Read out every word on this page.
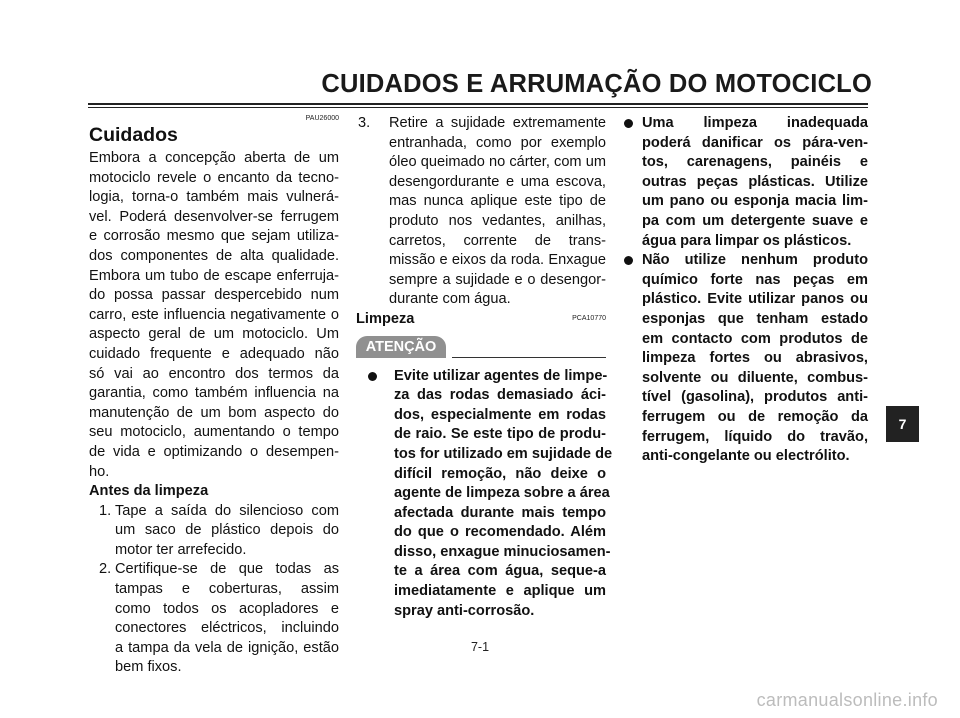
CUIDADOS E ARRUMAÇÃO DO MOTOCICLO
PAU26000
Cuidados
Embora a concepção aberta de um
motociclo revele o encanto da tecno-
logia, torna-o também mais vulnerá-
vel. Poderá desenvolver-se ferrugem
e corrosão mesmo que sejam utiliza-
dos componentes de alta qualidade.
Embora um tubo de escape enferruja-
do possa passar despercebido num
carro, este influencia negativamente o
aspecto geral de um motociclo. Um
cuidado frequente e adequado não
só vai ao encontro dos termos da
garantia, como também influencia na
manutenção de um bom aspecto do
seu motociclo, aumentando o tempo
de vida e optimizando o desempen-
ho.
Antes da limpeza
1. Tape a saída do silencioso com
um saco de plástico depois do
motor ter arrefecido.
2. Certifique-se de que todas as
tampas e coberturas, assim
como todos os acopladores e
conectores eléctricos, incluindo
a tampa da vela de ignição, estão
bem fixos.
3. Retire a sujidade extremamente
entranhada, como por exemplo
óleo queimado no cárter, com um
desengordurante e uma escova,
mas nunca aplique este tipo de
produto nos vedantes, anilhas,
carretos, corrente de trans-
missão e eixos da roda. Enxague
sempre a sujidade e o desengor-
durante com água.
Limpeza	PCA10770
ATENÇÃO
Evite utilizar agentes de limpe-
za das rodas demasiado áci-
dos, especialmente em rodas
de raio. Se este tipo de produ-
tos for utilizado em sujidade de
difícil remoção, não deixe o
agente de limpeza sobre a área
afectada durante mais tempo
do que o recomendado. Além
disso, enxague minuciosamen-
te a área com água, seque-a
imediatamente e aplique um
spray anti-corrosão.
Uma limpeza inadequada
poderá danificar os pára-ven-
tos, carenagens, painéis e
outras peças plásticas. Utilize
um pano ou esponja macia lim-
pa com um detergente suave e
água para limpar os plásticos.
Não utilize nenhum produto
químico forte nas peças em
plástico. Evite utilizar panos ou
esponjas que tenham estado
em contacto com produtos de
limpeza fortes ou abrasivos,
solvente ou diluente, combus-
tível (gasolina), produtos anti-
ferrugem ou de remoção da
ferrugem, líquido do travão,
anti-congelante ou electrólito.
7-1
7
carmanualsonline.info
